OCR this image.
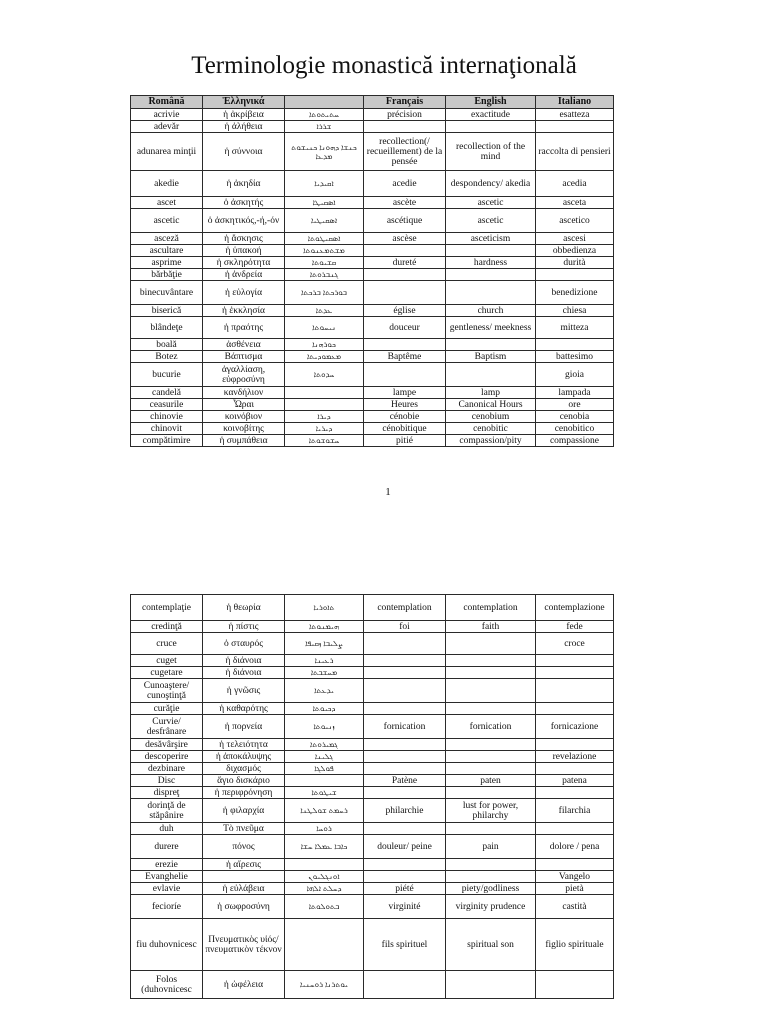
Terminologie monastică internaţională
Română	Ἑλληνικά		Français	English	Italiano
acrivie	ἡ ἀκρίβεια	ܚܬܝܬܘܬܐ	précision	exactitude	esatteza
adevăr	ἡ ἀλήθεια	ܫܪܪܐ			
adunarea minţii	ἡ σύννοια	ܟܢܫܐ ܕܗܘܢܐ ܟܢܝܫܘܬ ܡܕܥܐ	recollection(/ recueillement) de la pensée	recollection of the mind	raccolta di pensieri
akedie	ἡ ἀκηδία	ܐܩܝܕܝܐ	acedie	despondency/ akedia	acedia
ascet	ὁ ἀσκητής	ܐܣܩܝܛܐ	ascète	ascetic	asceta
ascetic	ὁ ἀσκητικός,-ή,-όν	ܐܣܩܝܛܝܐ	ascétique	ascetic	ascetico
asceză	ἡ ἄσκησις	ܐܣܩܝܛܘܬܐ	ascèse	asceticism	ascesi
ascultare	ἡ ὑπακοή	ܡܫܬܡܥܢܘܬܐ			obbedienza
asprime	ἡ σκληρότητα	ܩܫܝܘܬܐ	dureté	hardness	durità
bărbăţie	ἡ ἀνδρεία	ܓܢܒܪܘܬܐ			
binecuvântare	ἡ εὐλογία	ܒܘܪܟܬܐ ܒܪܟܬܐ			benedizione
biserică	ἡ ἐκκλησία	ܥܕܬܐ	église	church	chiesa
blândeţe	ἡ πραότης	ܢܝܚܘܬܐ	douceur	gentleness/ meekness	mitteza
boală	ἀσθένεια	ܟܘܪܗܢܐ			
Botez	Βάπτισμα	ܡܥܡܘܕܝܬܐ	Baptême	Baptism	battesimo
bucurie	ἀγαλλίαση, εὐφροσύνη	ܚܕܘܬܐ			gioia
candelă	κανδήλιον		lampe	lamp	lampada
ceasurile	Ὧραι		Heures	Canonical Hours	ore
chinovie	κοινόβιον	ܕܝܪܐ	cénobie	cenobium	cenobia
chinovit	κοινοβίτης	ܕܝܪܝܐ	cénobitique	cenobitic	cenobitico
compătimire	ἡ συμπάθεια	ܚܫܘܫܘܬܐ	pitié	compassion/pity	compassione
1
contemplaţie	ἡ θεωρία	ܬܐܘܪܝܐ	contemplation	contemplation	contemplazione
credinţă	ἡ πίστις	ܗܝܡܢܘܬܐ	foi	faith	fede
cruce	ὁ σταυρός	ܨܠܝܒܐ ܙܩܝܦܐ			croce
cuget	ἡ διάνοια	ܪܥܝܢܐ			
cugetare	ἡ διάνοια	ܡܚܫܒܬܐ			
Cunoaştere/ cunoştinţă	ἡ γνῶσις	ܝܕܥܬܐ			
curăţie	ἡ καθαρότης	ܕܟܝܘܬܐ			
Curvie/ desfrânare	ἡ πορνεία	ܙܢܝܘܬܐ	fornication	fornication	fornicazione
desăvârşire	ἡ τελειότητα	ܓܡܝܪܘܬܐ			
descoperire	ἡ ἀποκάλυψης	ܓܠܝܢܐ			revelazione
dezbinare	διχασμός	ܦܘܠܓܐ			
Disc	ἅγιο δισκάριο		Patène	paten	patena
dispreţ	ἡ περιφρόνηση	ܫܝܛܘܬܐ			
dorinţă de stăpânire	ἡ φιλαρχία	ܪܚܡܬ ܫܘܠܛܢܐ	philarchie	lust for power, philarchy	filarchia
duh	Τὸ πνεῦμα	ܪܘܚܐ			
durere	πόνος	ܟܐܒܐ ܥܡܠܐ ܚܫܐ	douleur/ peine	pain	dolore / pena
erezie	ἡ αἵρεσις				
Evanghelie		ܐܘܢܓܠܝܘܢ			Vangelo
evlavie	ἡ εὐλάβεια	ܕܚܠܬ ܐܠܗܐ	piété	piety/godliness	pietà
fecioríe	ἡ σωφροσύνη	ܒܬܘܠܘܬܐ	virginité	virginity prudence	castità
fiu duhovnicesc	Πνευματικὸς υἱός/ πνευματικὸν τέκνον		fils spirituel	spiritual son	figlio spirituale
Folos (duhovnicesc	ἡ ὠφέλεια	ܝܘܬܪܢܐ ܪܘܚܢܝܐ			
